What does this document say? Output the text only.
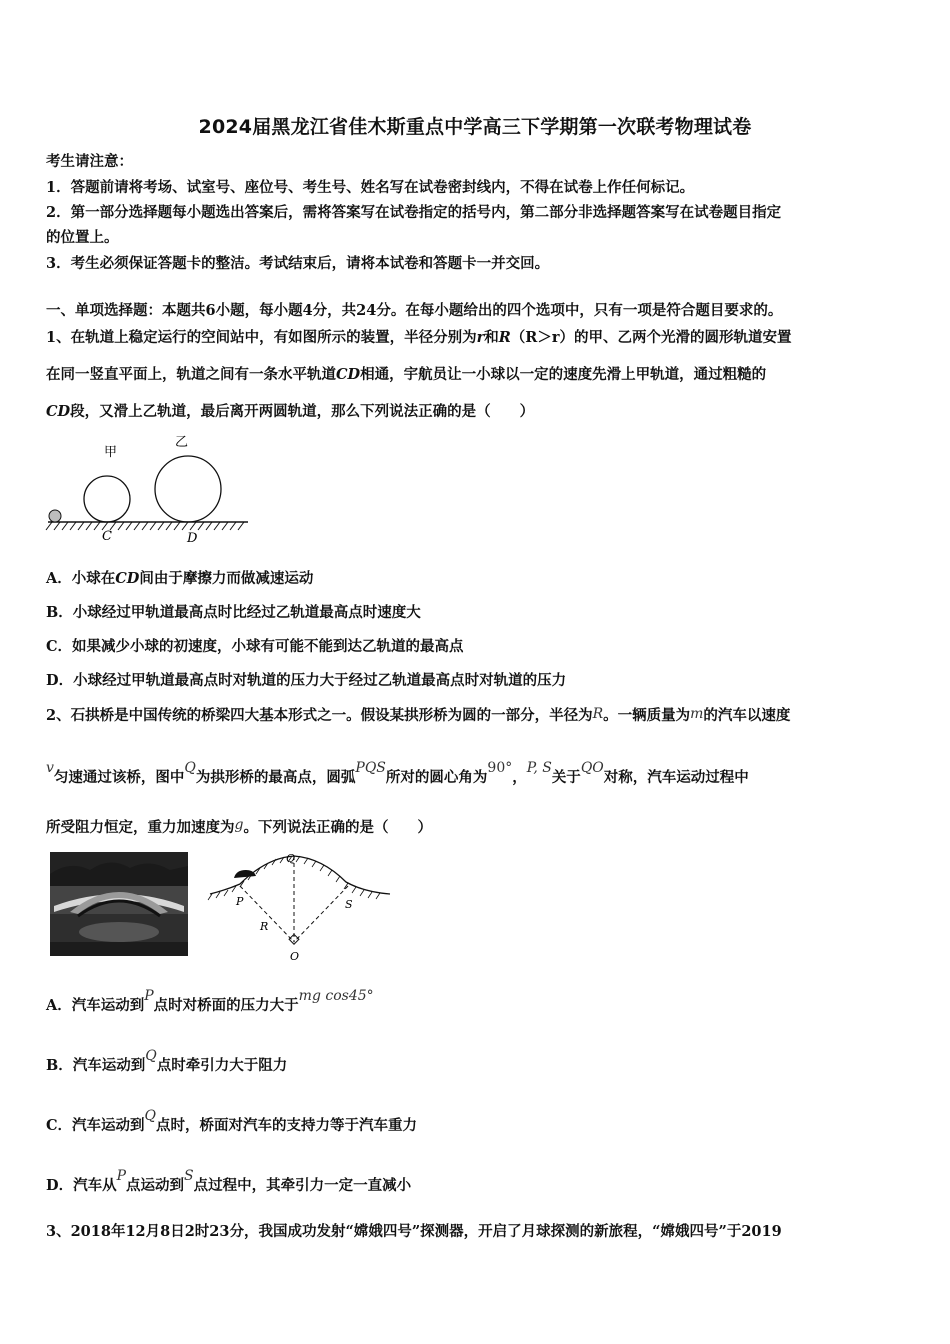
2024届黑龙江省佳木斯重点中学高三下学期第一次联考物理试卷
考生请注意：
1．答题前请将考场、试室号、座位号、考生号、姓名写在试卷密封线内，不得在试卷上作任何标记。
2．第一部分选择题每小题选出答案后，需将答案写在试卷指定的括号内，第二部分非选择题答案写在试卷题目指定
的位置上。
3．考生必须保证答题卡的整洁。考试结束后，请将本试卷和答题卡一并交回。
一、单项选择题：本题共6小题，每小题4分，共24分。在每小题给出的四个选项中，只有一项是符合题目要求的。
1、在轨道上稳定运行的空间站中，有如图所示的装置，半径分别为r和R（R＞r）的甲、乙两个光滑的圆形轨道安置
在同一竖直平面上，轨道之间有一条水平轨道CD相通，宇航员让一小球以一定的速度先滑上甲轨道，通过粗糙的
CD段，又滑上乙轨道，最后离开两圆轨道，那么下列说法正确的是（　　）
甲
乙
C	D
A．小球在CD间由于摩擦力而做减速运动
B．小球经过甲轨道最高点时比经过乙轨道最高点时速度大
C．如果减少小球的初速度，小球有可能不能到达乙轨道的最高点
D．小球经过甲轨道最高点时对轨道的压力大于经过乙轨道最高点时对轨道的压力
2、石拱桥是中国传统的桥梁四大基本形式之一。假设某拱形桥为圆的一部分，半径为R。一辆质量为m的汽车以速度
v匀速通过该桥，图中Q为拱形桥的最高点，圆弧PQS所对的圆心角为90°，P, S关于QO对称，汽车运动过程中
所受阻力恒定，重力加速度为g。下列说法正确的是（　　）
Q
P	S
R
O
A．汽车运动到P点时对桥面的压力大于mg cos45°
B．汽车运动到Q点时牵引力大于阻力
C．汽车运动到Q点时，桥面对汽车的支持力等于汽车重力
D．汽车从P点运动到S点过程中，其牵引力一定一直减小
3、2018年12月8日2时23分，我国成功发射“嫦娥四号”探测器，开启了月球探测的新旅程，“嫦娥四号”于2019
